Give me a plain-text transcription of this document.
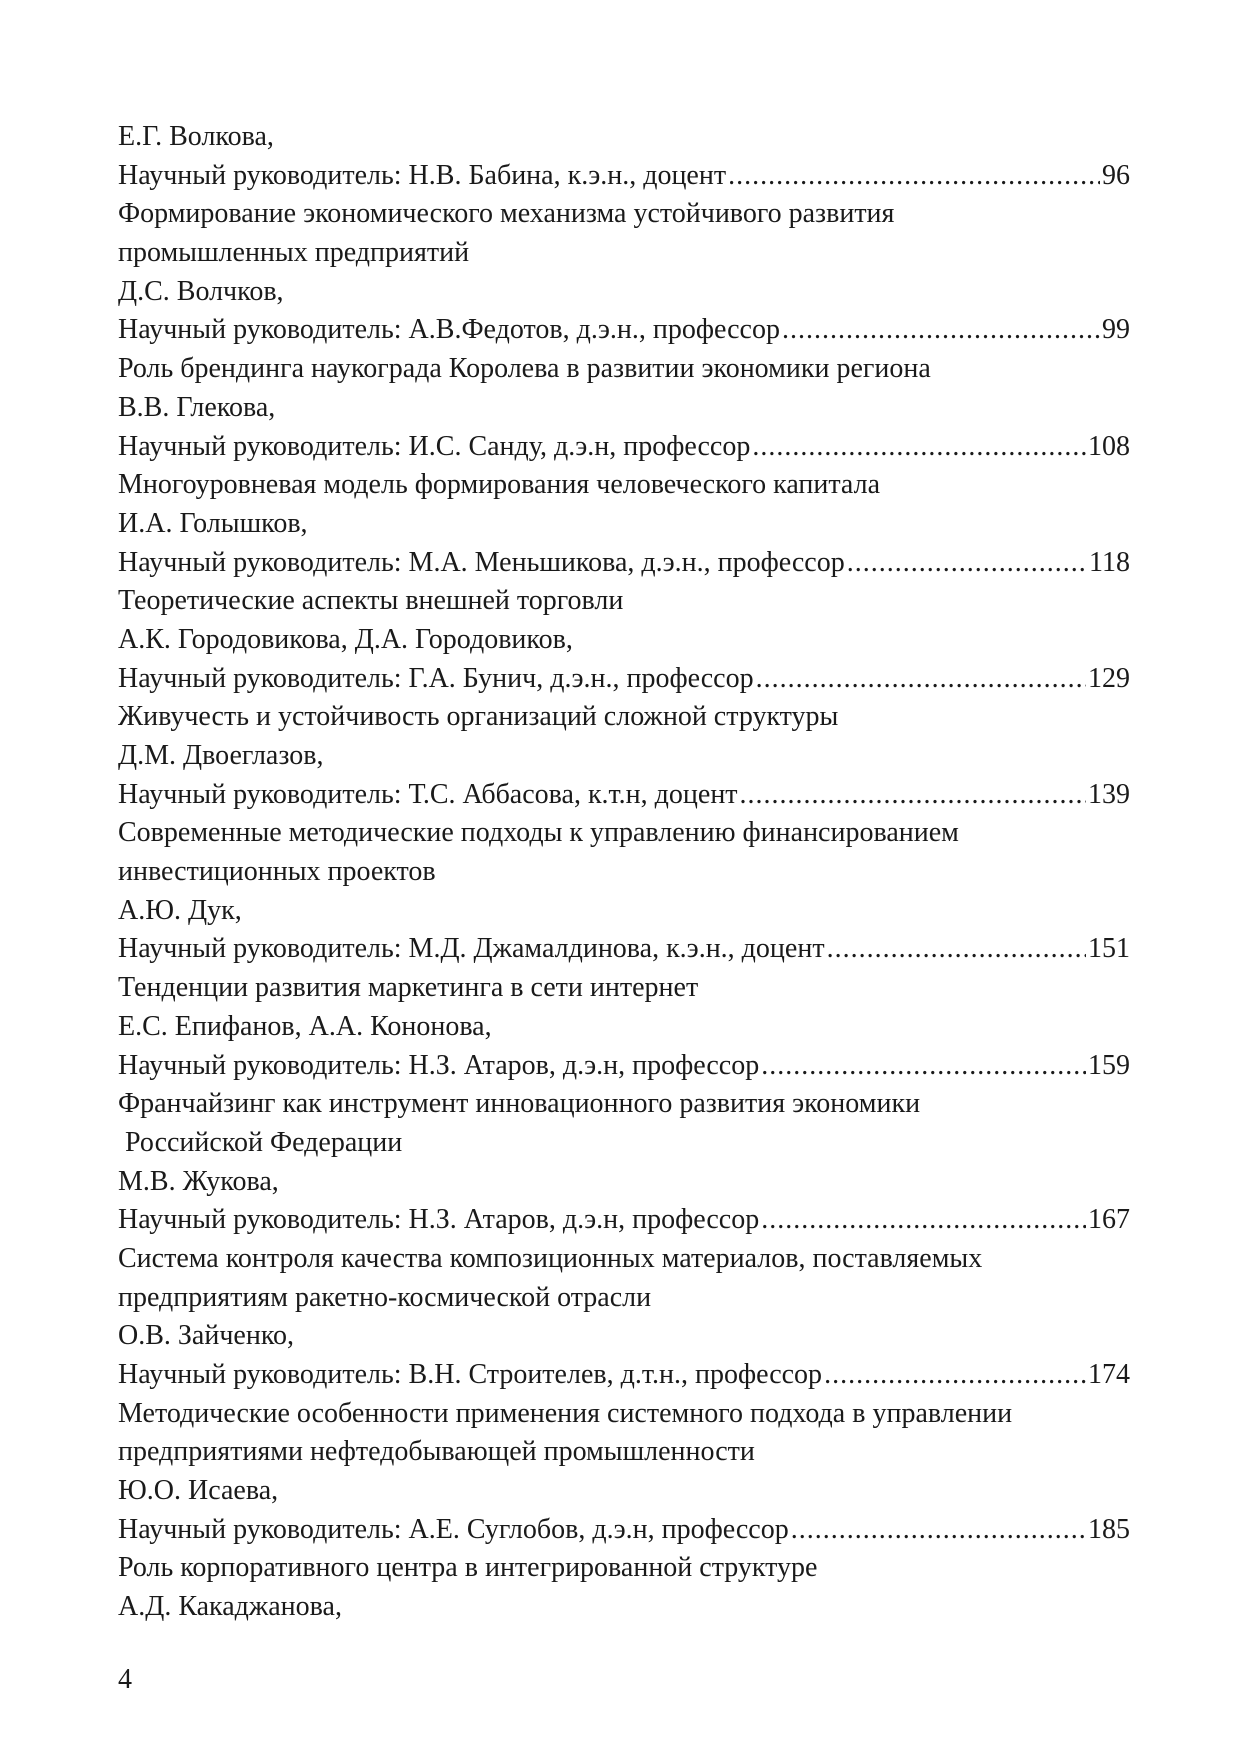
Е.Г. Волкова,
Научный руководитель: Н.В. Бабина, к.э.н., доцент .....	96
Формирование экономического механизма устойчивого развития
промышленных предприятий
Д.С. Волчков,
Научный руководитель: А.В.Федотов, д.э.н., профессор .....	99
Роль брендинга наукограда Королева в развитии экономики региона
В.В. Глекова,
Научный руководитель: И.С. Санду, д.э.н, профессор .....	108
Многоуровневая модель формирования человеческого капитала
И.А. Голышков,
Научный руководитель: М.А. Меньшикова, д.э.н., профессор .....	118
Теоретические аспекты внешней торговли
А.К. Городовикова, Д.А. Городовиков,
Научный руководитель: Г.А. Бунич, д.э.н., профессор .....	129
Живучесть и устойчивость организаций сложной структуры
Д.М. Двоеглазов,
Научный руководитель: Т.С. Аббасова, к.т.н, доцент .....	139
Современные методические подходы к управлению финансированием
инвестиционных проектов
А.Ю. Дук,
Научный руководитель: М.Д. Джамалдинова, к.э.н., доцент .....	151
Тенденции развития маркетинга в сети интернет
Е.С. Епифанов, А.А. Кононова,
Научный руководитель: Н.З. Атаров, д.э.н, профессор .....	159
Франчайзинг как инструмент инновационного развития экономики
Российской Федерации
М.В. Жукова,
Научный руководитель: Н.З. Атаров, д.э.н, профессор .....	167
Система контроля качества композиционных материалов, поставляемых
предприятиям ракетно-космической отрасли
О.В. Зайченко,
Научный руководитель: В.Н. Строителев, д.т.н., профессор .....	174
Методические особенности применения системного подхода в управлении
предприятиями нефтедобывающей промышленности
Ю.О. Исаева,
Научный руководитель: А.Е. Суглобов, д.э.н, профессор .....	185
Роль корпоративного центра в интегрированной структуре
А.Д. Какаджанова,
4
